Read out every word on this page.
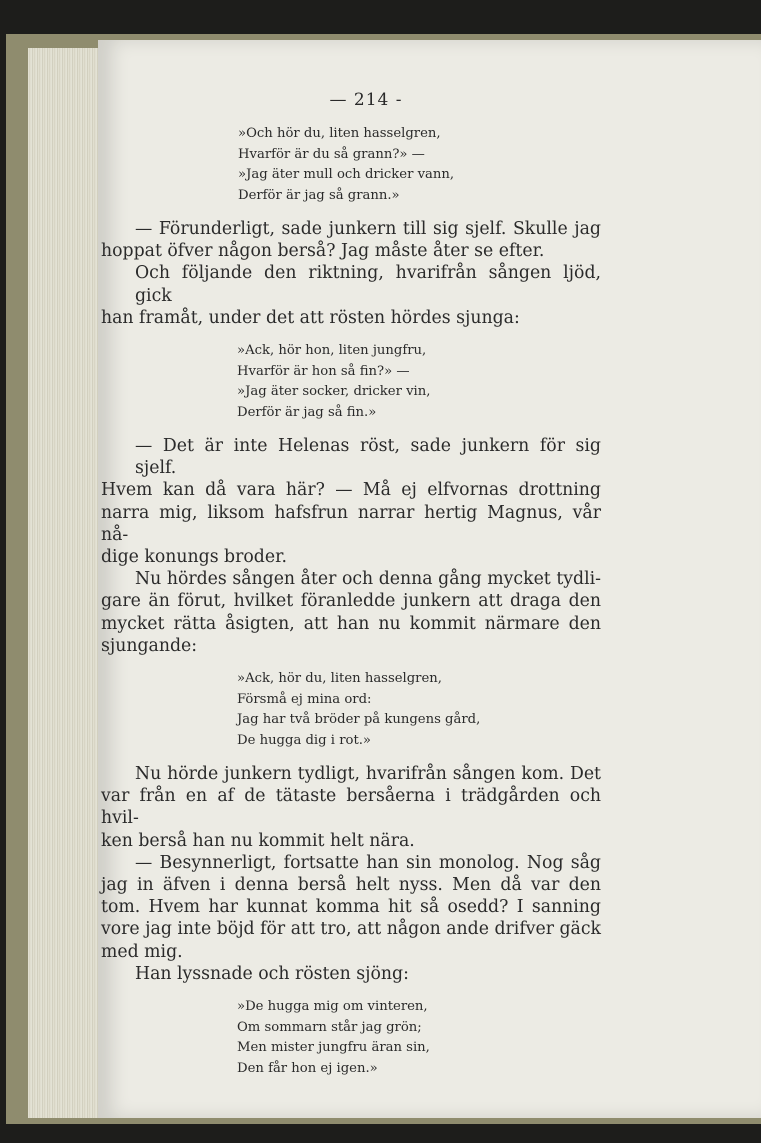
— 214 -
»Och hör du, liten hasselgren,
Hvarför är du så grann?» —
»Jag äter mull och dricker vann,
Derför är jag så grann.»
— Förunderligt, sade junkern till sig sjelf. Skulle jag
hoppat öfver någon berså? Jag måste åter se efter.
Och följande den riktning, hvarifrån sången ljöd, gick
han framåt, under det att rösten hördes sjunga:
»Ack, hör hon, liten jungfru,
Hvarför är hon så fin?» —
»Jag äter socker, dricker vin,
Derför är jag så fin.»
— Det är inte Helenas röst, sade junkern för sig sjelf.
Hvem kan då vara här? — Må ej elfvornas drottning
narra mig, liksom hafsfrun narrar hertig Magnus, vår nå-
dige konungs broder.
Nu hördes sången åter och denna gång mycket tydli-
gare än förut, hvilket föranledde junkern att draga den
mycket rätta åsigten, att han nu kommit närmare den
sjungande:
»Ack, hör du, liten hasselgren,
Försmå ej mina ord:
Jag har två bröder på kungens gård,
De hugga dig i rot.»
Nu hörde junkern tydligt, hvarifrån sången kom. Det
var från en af de tätaste bersåerna i trädgården och hvil-
ken berså han nu kommit helt nära.
— Besynnerligt, fortsatte han sin monolog. Nog såg
jag in äfven i denna berså helt nyss. Men då var den
tom. Hvem har kunnat komma hit så osedd? I sanning
vore jag inte böjd för att tro, att någon ande drifver gäck
med mig.
Han lyssnade och rösten sjöng:
»De hugga mig om vinteren,
Om sommarn står jag grön;
Men mister jungfru äran sin,
Den får hon ej igen.»
